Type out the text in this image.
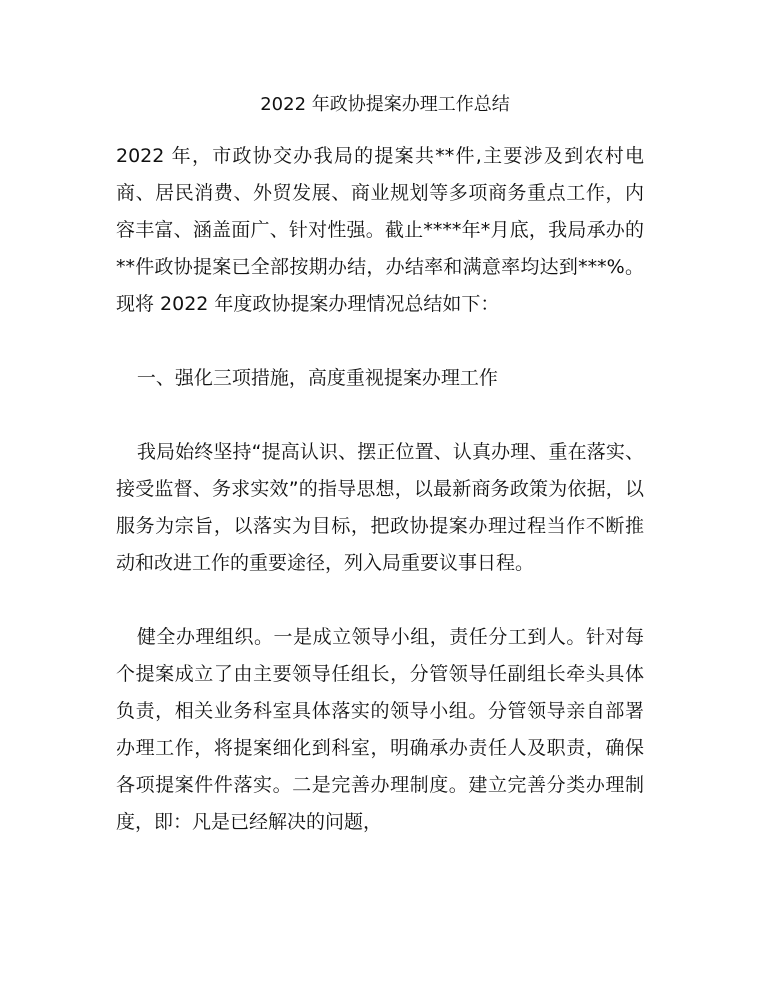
2022 年政协提案办理工作总结

2022 年，市政协交办我局的提案共**件,主要涉及到农村电商、居民消费、外贸发展、商业规划等多项商务重点工作，内容丰富、涵盖面广、针对性强。截止****年*月底，我局承办的**件政协提案已全部按期办结，办结率和满意率均达到***%。现将 2022 年度政协提案办理情况总结如下：

一、强化三项措施，高度重视提案办理工作

我局始终坚持“提高认识、摆正位置、认真办理、重在落实、接受监督、务求实效”的指导思想，以最新商务政策为依据，以服务为宗旨，以落实为目标，把政协提案办理过程当作不断推动和改进工作的重要途径，列入局重要议事日程。

健全办理组织。一是成立领导小组，责任分工到人。针对每个提案成立了由主要领导任组长，分管领导任副组长牵头具体负责，相关业务科室具体落实的领导小组。分管领导亲自部署办理工作，将提案细化到科室，明确承办责任人及职责，确保各项提案件件落实。二是完善办理制度。建立完善分类办理制度，即：凡是已经解决的问题，
